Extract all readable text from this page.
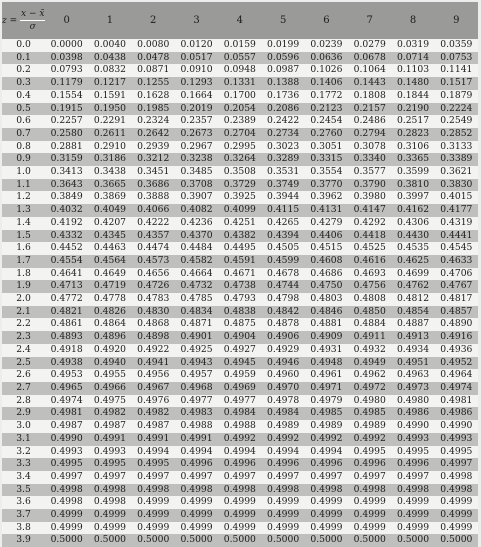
$z = \frac{x - x̄}{\sigma}$	0	1	2	3	4	5	6	7	8	9
0.0	0.0000	0.0040	0.0080	0.0120	0.0159	0.0199	0.0239	0.0279	0.0319	0.0359
0.1	0.0398	0.0438	0.0478	0.0517	0.0557	0.0596	0.0636	0.0678	0.0714	0.0753
0.2	0.0793	0.0832	0.0871	0.0910	0.0948	0.0987	0.1026	0.1064	0.1103	0.1141
0.3	0.1179	0.1217	0.1255	0.1293	0.1331	0.1388	0.1406	0.1443	0.1480	0.1517
0.4	0.1554	0.1591	0.1628	0.1664	0.1700	0.1736	0.1772	0.1808	0.1844	0.1879
0.5	0.1915	0.1950	0.1985	0.2019	0.2054	0.2086	0.2123	0.2157	0.2190	0.2224
0.6	0.2257	0.2291	0.2324	0.2357	0.2389	0.2422	0.2454	0.2486	0.2517	0.2549
0.7	0.2580	0.2611	0.2642	0.2673	0.2704	0.2734	0.2760	0.2794	0.2823	0.2852
0.8	0.2881	0.2910	0.2939	0.2967	0.2995	0.3023	0.3051	0.3078	0.3106	0.3133
0.9	0.3159	0.3186	0.3212	0.3238	0.3264	0.3289	0.3315	0.3340	0.3365	0.3389
1.0	0.3413	0.3438	0.3451	0.3485	0.3508	0.3531	0.3554	0.3577	0.3599	0.3621
1.1	0.3643	0.3665	0.3686	0.3708	0.3729	0.3749	0.3770	0.3790	0.3810	0.3830
1.2	0.3849	0.3869	0.3888	0.3907	0.3925	0.3944	0.3962	0.3980	0.3997	0.4015
1.3	0.4032	0.4049	0.4066	0.4082	0.4099	0.4115	0.4131	0.4147	0.4162	0.4177
1.4	0.4192	0.4207	0.4222	0.4236	0.4251	0.4265	0.4279	0.4292	0.4306	0.4319
1.5	0.4332	0.4345	0.4357	0.4370	0.4382	0.4394	0.4406	0.4418	0.4430	0.4441
1.6	0.4452	0.4463	0.4474	0.4484	0.4495	0.4505	0.4515	0.4525	0.4535	0.4545
1.7	0.4554	0.4564	0.4573	0.4582	0.4591	0.4599	0.4608	0.4616	0.4625	0.4633
1.8	0.4641	0.4649	0.4656	0.4664	0.4671	0.4678	0.4686	0.4693	0.4699	0.4706
1.9	0.4713	0.4719	0.4726	0.4732	0.4738	0.4744	0.4750	0.4756	0.4762	0.4767
2.0	0.4772	0.4778	0.4783	0.4785	0.4793	0.4798	0.4803	0.4808	0.4812	0.4817
2.1	0.4821	0.4826	0.4830	0.4834	0.4838	0.4842	0.4846	0.4850	0.4854	0.4857
2.2	0.4861	0.4864	0.4868	0.4871	0.4875	0.4878	0.4881	0.4884	0.4887	0.4890
2.3	0.4893	0.4896	0.4898	0.4901	0.4904	0.4906	0.4909	0.4911	0.4913	0.4916
2.4	0.4918	0.4920	0.4922	0.4925	0.4927	0.4929	0.4931	0.4932	0.4934	0.4936
2.5	0.4938	0.4940	0.4941	0.4943	0.4945	0.4946	0.4948	0.4949	0.4951	0.4952
2.6	0.4953	0.4955	0.4956	0.4957	0.4959	0.4960	0.4961	0.4962	0.4963	0.4964
2.7	0.4965	0.4966	0.4967	0.4968	0.4969	0.4970	0.4971	0.4972	0.4973	0.4974
2.8	0.4974	0.4975	0.4976	0.4977	0.4977	0.4978	0.4979	0.4980	0.4980	0.4981
2.9	0.4981	0.4982	0.4982	0.4983	0.4984	0.4984	0.4985	0.4985	0.4986	0.4986
3.0	0.4987	0.4987	0.4987	0.4988	0.4988	0.4989	0.4989	0.4989	0.4990	0.4990
3.1	0.4990	0.4991	0.4991	0.4991	0.4992	0.4992	0.4992	0.4992	0.4993	0.4993
3.2	0.4993	0.4993	0.4994	0.4994	0.4994	0.4994	0.4994	0.4995	0.4995	0.4995
3.3	0.4995	0.4995	0.4995	0.4996	0.4996	0.4996	0.4996	0.4996	0.4996	0.4997
3.4	0.4997	0.4997	0.4997	0.4997	0.4997	0.4997	0.4997	0.4997	0.4997	0.4998
3.5	0.4998	0.4998	0.4998	0.4998	0.4998	0.4998	0.4998	0.4998	0.4998	0.4998
3.6	0.4998	0.4998	0.4999	0.4999	0.4999	0.4999	0.4999	0.4999	0.4999	0.4999
3.7	0.4999	0.4999	0.4999	0.4999	0.4999	0.4999	0.4999	0.4999	0.4999	0.4999
3.8	0.4999	0.4999	0.4999	0.4999	0.4999	0.4999	0.4999	0.4999	0.4999	0.4999
3.9	0.5000	0.5000	0.5000	0.5000	0.5000	0.5000	0.5000	0.5000	0.5000	0.5000
